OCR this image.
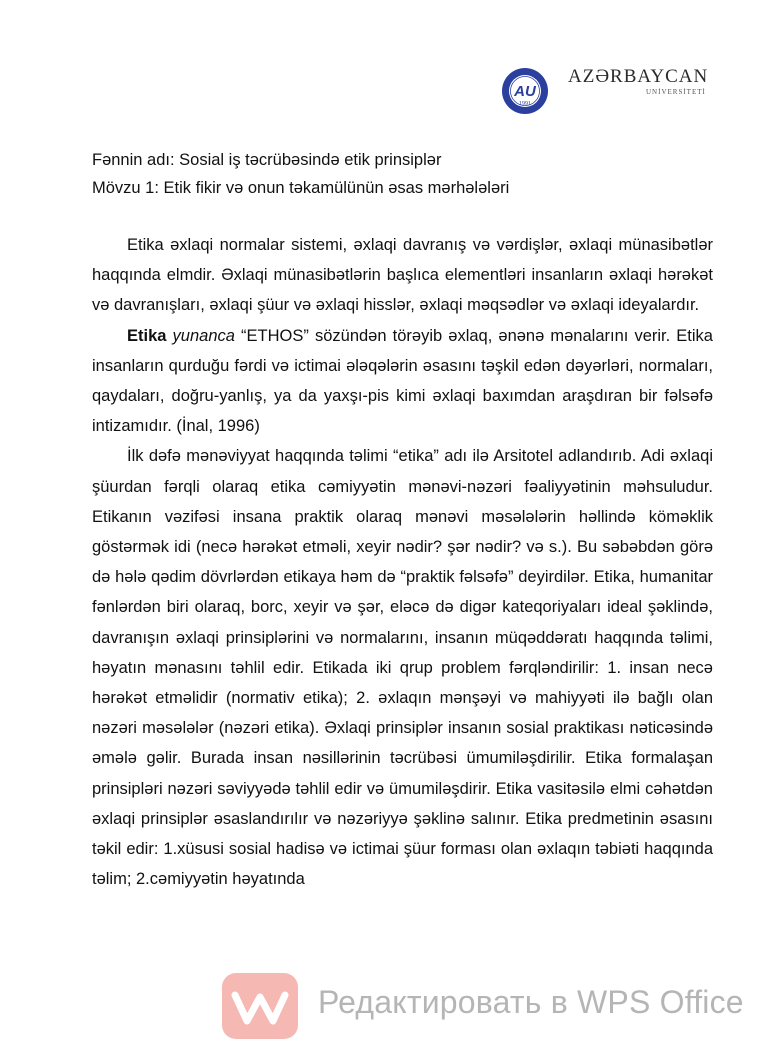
AU
1991
AZƏRBAYCAN
UNİVERSİTETİ
Fənnin adı: Sosial iş təcrübəsində etik prinsiplər
Mövzu 1: Etik fikir və onun təkamülünün əsas mərhələləri

Etika əxlaqi normalar sistemi, əxlaqi davranış və vərdişlər, əxlaqi münasibətlər haqqında elmdir. Əxlaqi münasibətlərin başlıca elementləri insanların əxlaqi hərəkət və davranışları, əxlaqi şüur və əxlaqi hisslər, əxlaqi məqsədlər və əxlaqi ideyalardır.

Etika yunanca “ETHOS” sözündən törəyib əxlaq, ənənə mənalarını verir. Etika insanların qurduğu fərdi və ictimai ələqələrin əsasını təşkil edən dəyərləri, normaları, qaydaları, doğru-yanlış, ya da yaxşı-pis kimi əxlaqi baxımdan araşdıran bir fəlsəfə intizamıdır. (İnal, 1996)

İlk dəfə mənəviyyat haqqında təlimi “etika” adı ilə Arsitotel adlandırıb. Adi əxlaqi şüurdan fərqli olaraq etika cəmiyyətin mənəvi-nəzəri fəaliyyətinin məhsuludur. Etikanın vəzifəsi insana praktik olaraq mənəvi məsələlərin həllində köməklik göstərmək idi (necə hərəkət etməli, xeyir nədir? şər nədir? və s.). Bu səbəbdən görə də hələ qədim dövrlərdən etikaya həm də “praktik fəlsəfə” deyirdilər. Etika, humanitar fənlərdən biri olaraq, borc, xeyir və şər, eləcə də digər kateqoriyaları ideal şəklində, davranışın əxlaqi prinsiplərini və normalarını, insanın müqəddəratı haqqında təlimi, həyatın mənasını təhlil edir. Etikada iki qrup problem fərqləndirilir: 1. insan necə hərəkət etməlidir (normativ etika); 2. əxlaqın mənşəyi və mahiyyəti ilə bağlı olan nəzəri məsələlər (nəzəri etika). Əxlaqi prinsiplər insanın sosial praktikası nəticəsində əmələ gəlir. Burada insan nəsillərinin təcrübəsi ümumiləşdirilir. Etika formalaşan prinsipləri nəzəri səviyyədə təhlil edir və ümumiləşdirir. Etika vasitəsilə elmi cəhətdən əxlaqi prinsiplər əsaslandırılır və nəzəriyyə şəklinə salınır. Etika predmetinin əsasını təkil edir: 1.xüsusi sosial hadisə və ictimai şüur forması olan əxlaqın təbiəti haqqında təlim; 2.cəmiyyətin həyatında

Редактировать в WPS Office
